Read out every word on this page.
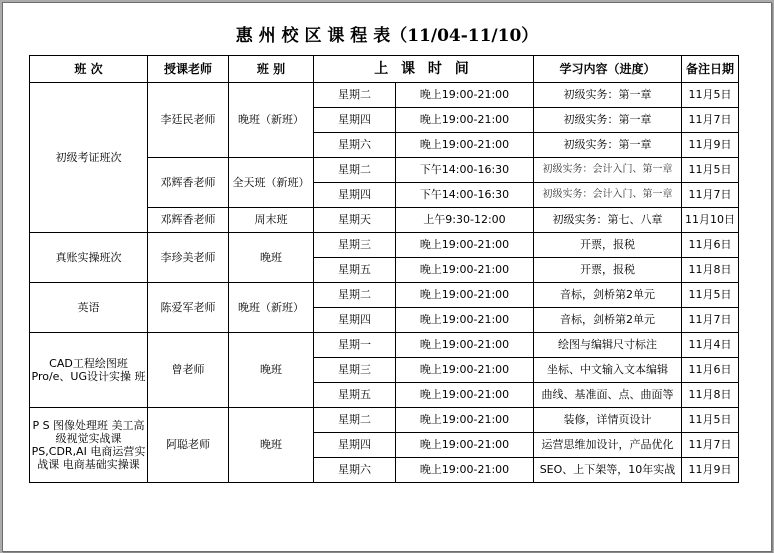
惠 州 校 区 课 程 表（11/04-11/10）
班 次	授课老师	班 别	上 课 时 间		学习内容（进度）	备注日期
初级考证班次	李廷民老师	晚班（新班）	星期二	晚上19:00-21:00	初级实务：第一章	11月5日
			星期四	晚上19:00-21:00	初级实务：第一章	11月7日
			星期六	晚上19:00-21:00	初级实务：第一章	11月9日
	邓辉香老师	全天班（新班）	星期二	下午14:00-16:30	初级实务：会计入门、第一章	11月5日
			星期四	下午14:00-16:30	初级实务：会计入门、第一章	11月7日
	邓辉香老师	周末班	星期天	上午9:30-12:00	初级实务：第七、八章	11月10日
真账实操班次	李珍美老师	晚班	星期三	晚上19:00-21:00	开票，报税	11月6日
			星期五	晚上19:00-21:00	开票，报税	11月8日
英语	陈爱军老师	晚班（新班）	星期二	晚上19:00-21:00	音标，剑桥第2单元	11月5日
			星期四	晚上19:00-21:00	音标，剑桥第2单元	11月7日
CAD工程绘图班 Pro/e、UG设计实操 班	曾老师	晚班	星期一	晚上19:00-21:00	绘图与编辑尺寸标注	11月4日
			星期三	晚上19:00-21:00	坐标、中文输入文本编辑	11月6日
			星期五	晚上19:00-21:00	曲线、基准面、点、曲面等	11月8日
P S 图像处理班 美工高级视觉实战课 PS,CDR,AI 电商运营实战课 电商基础实操课	阿聪老师	晚班	星期二	晚上19:00-21:00	装修，详情页设计	11月5日
			星期四	晚上19:00-21:00	运营思维加设计，产品优化	11月7日
			星期六	晚上19:00-21:00	SEO、上下架等，10年实战	11月9日
